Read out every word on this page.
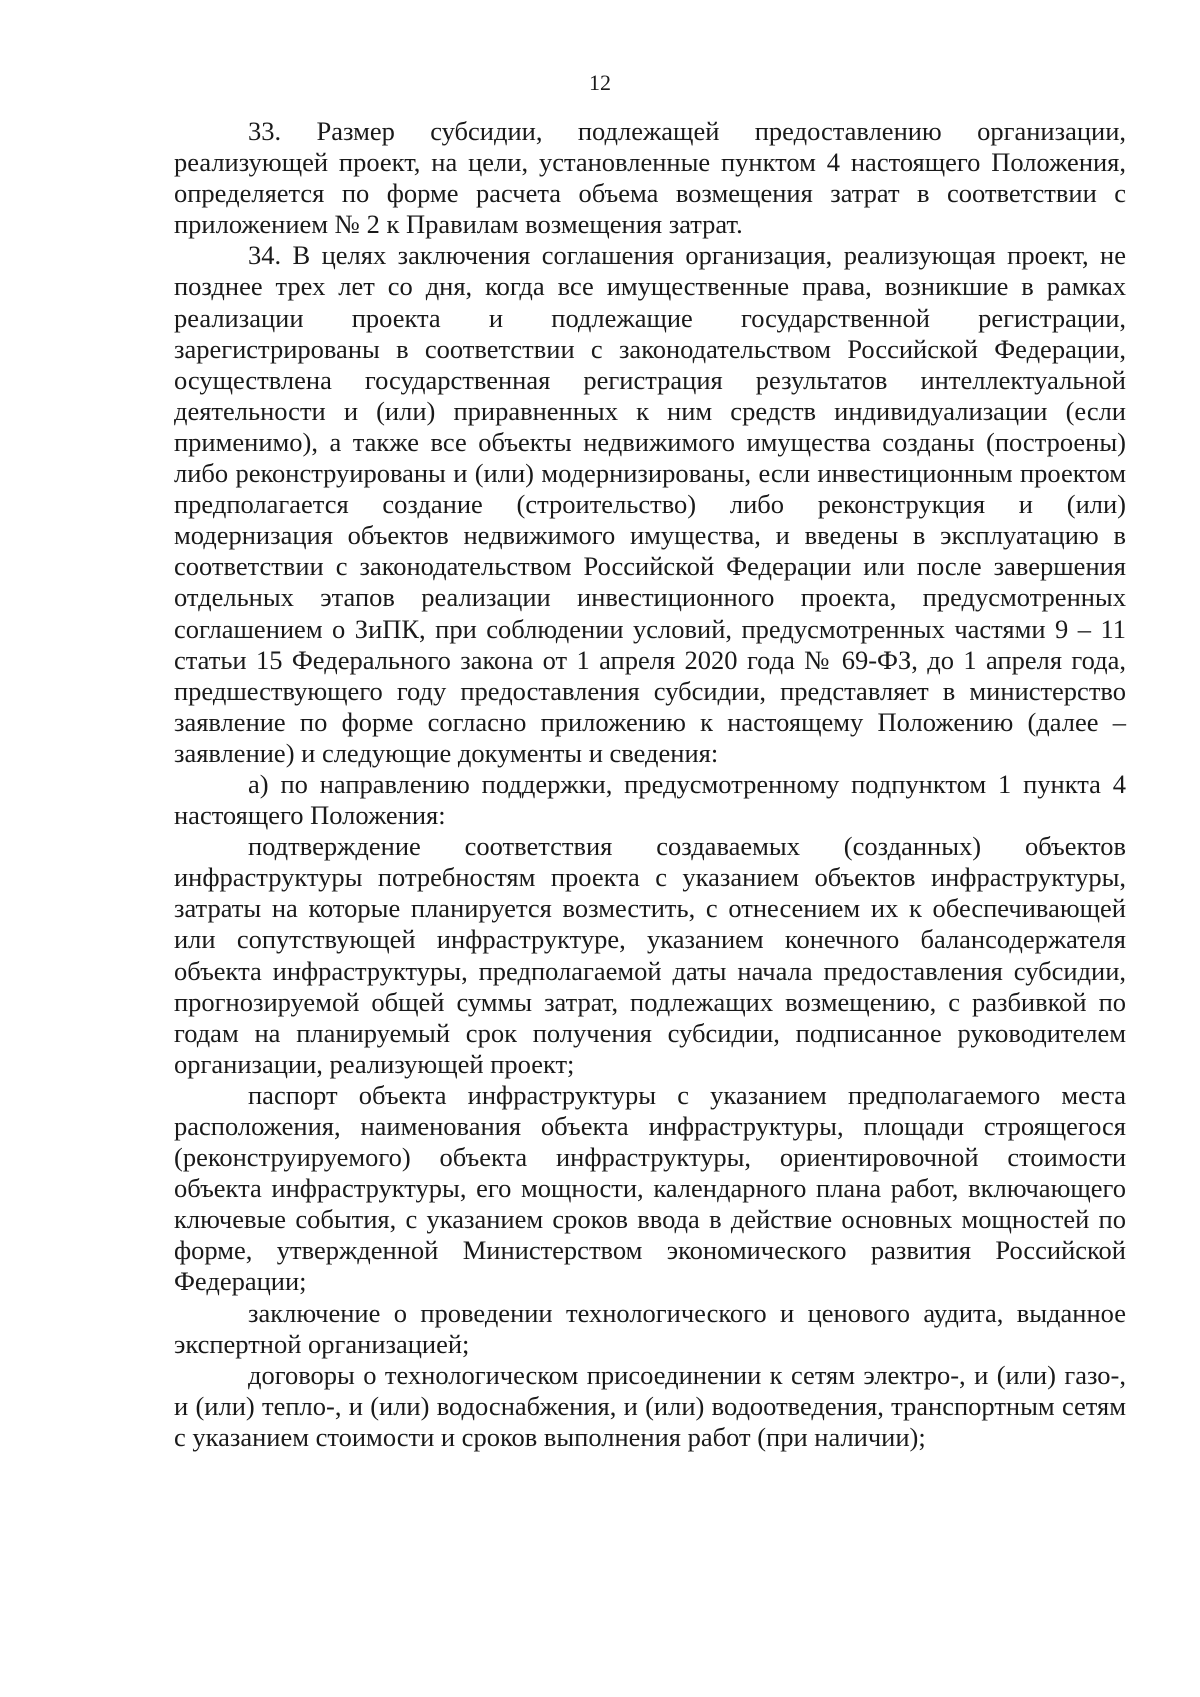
12

33. Размер субсидии, подлежащей предоставлению организации, реализующей проект, на цели, установленные пунктом 4 настоящего Положения, определяется по форме расчета объема возмещения затрат в соответствии с приложением № 2 к Правилам возмещения затрат.

34. В целях заключения соглашения организация, реализующая проект, не позднее трех лет со дня, когда все имущественные права, возникшие в рамках реализации проекта и подлежащие государственной регистрации, зарегистрированы в соответствии с законодательством Российской Федерации, осуществлена государственная регистрация результатов интеллектуальной деятельности и (или) приравненных к ним средств индивидуализации (если применимо), а также все объекты недвижимого имущества созданы (построены) либо реконструированы и (или) модернизированы, если инвестиционным проектом предполагается создание (строительство) либо реконструкция и (или) модернизация объектов недвижимого имущества, и введены в эксплуатацию в соответствии с законодательством Российской Федерации или после завершения отдельных этапов реализации инвестиционного проекта, предусмотренных соглашением о ЗиПК, при соблюдении условий, предусмотренных частями 9 – 11 статьи 15 Федерального закона от 1 апреля 2020 года № 69-ФЗ, до 1 апреля года, предшествующего году предоставления субсидии, представляет в министерство заявление по форме согласно приложению к настоящему Положению (далее – заявление) и следующие документы и сведения:

а) по направлению поддержки, предусмотренному подпунктом 1 пункта 4 настоящего Положения:

подтверждение соответствия создаваемых (созданных) объектов инфраструктуры потребностям проекта с указанием объектов инфраструктуры, затраты на которые планируется возместить, с отнесением их к обеспечивающей или сопутствующей инфраструктуре, указанием конечного балансодержателя объекта инфраструктуры, предполагаемой даты начала предоставления субсидии, прогнозируемой общей суммы затрат, подлежащих возмещению, с разбивкой по годам на планируемый срок получения субсидии, подписанное руководителем организации, реализующей проект;

паспорт объекта инфраструктуры с указанием предполагаемого места расположения, наименования объекта инфраструктуры, площади строящегося (реконструируемого) объекта инфраструктуры, ориентировочной стоимости объекта инфраструктуры, его мощности, календарного плана работ, включающего ключевые события, с указанием сроков ввода в действие основных мощностей по форме, утвержденной Министерством экономического развития Российской Федерации;

заключение о проведении технологического и ценового аудита, выданное экспертной организацией;

договоры о технологическом присоединении к сетям электро-, и (или) газо-, и (или) тепло-, и (или) водоснабжения, и (или) водоотведения, транспортным сетям с указанием стоимости и сроков выполнения работ (при наличии);
